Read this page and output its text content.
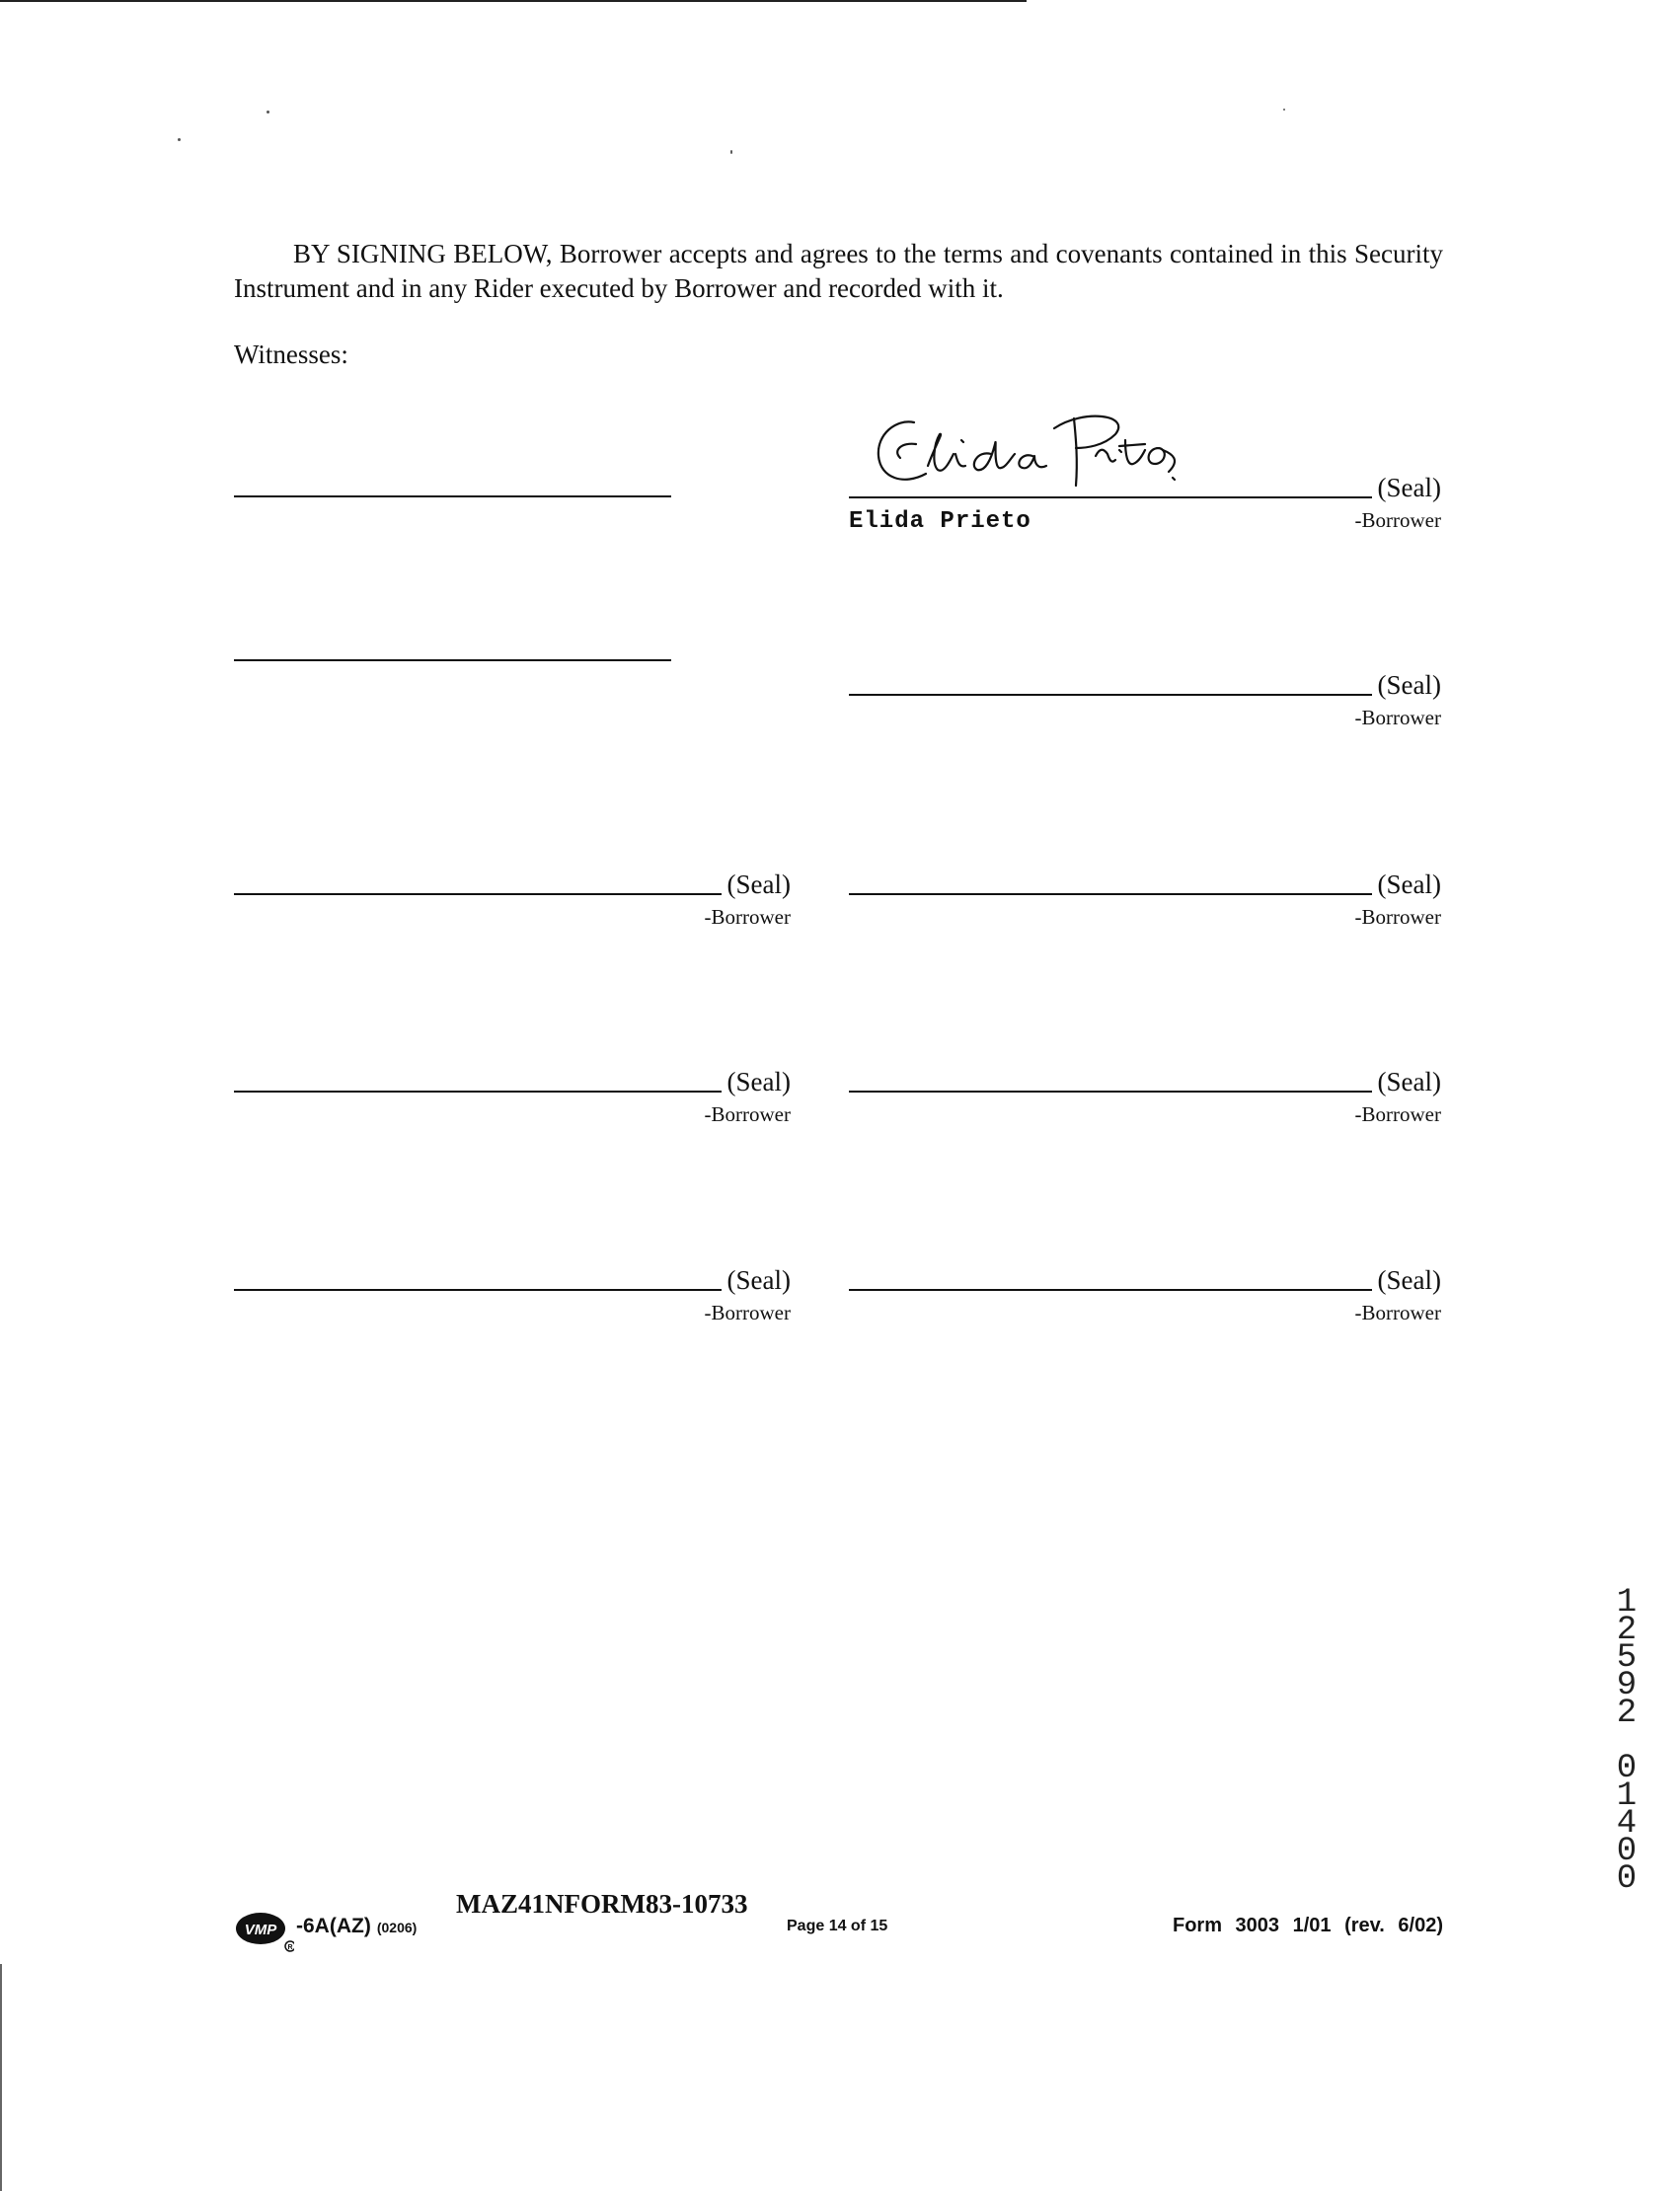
BY SIGNING BELOW, Borrower accepts and agrees to the terms and covenants contained in this Security Instrument and in any Rider executed by Borrower and recorded with it.
Witnesses:
(Seal)
Elida Prieto	-Borrower
(Seal)
-Borrower
(Seal)
-Borrower
(Seal)
-Borrower
(Seal)
-Borrower
(Seal)
-Borrower
(Seal)
-Borrower
(Seal)
-Borrower
1
2
5
9
2

0
1
4
0
0
VMP
R
-6A(AZ) (0206)
MAZ41NFORM83-10733
Page 14 of 15	Form 3003 1/01 (rev. 6/02)
